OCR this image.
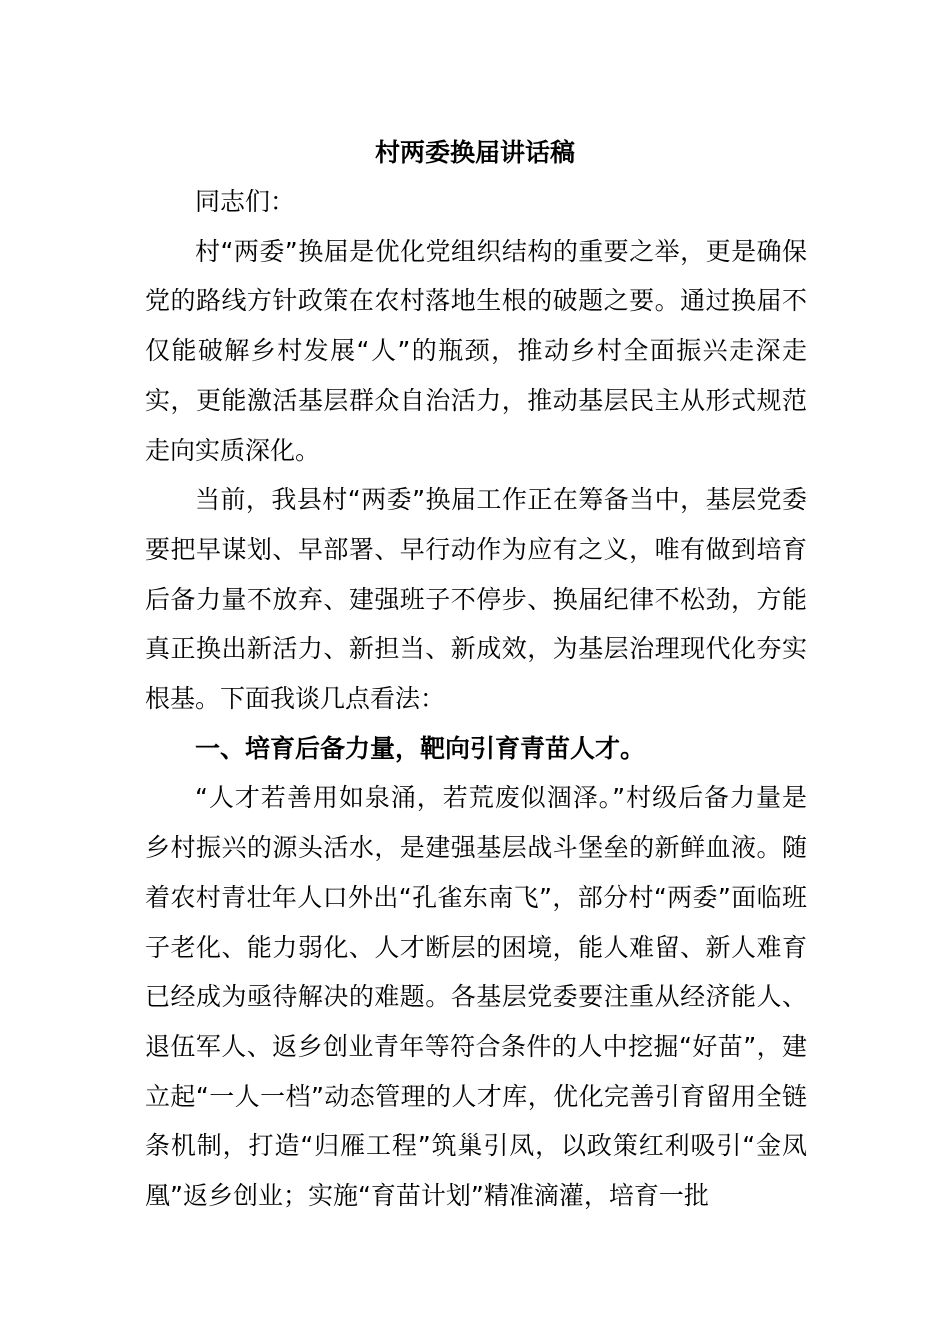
村两委换届讲话稿

同志们：

村“两委”换届是优化党组织结构的重要之举，更是确保党的路线方针政策在农村落地生根的破题之要。通过换届不仅能破解乡村发展“人”的瓶颈，推动乡村全面振兴走深走实，更能激活基层群众自治活力，推动基层民主从形式规范走向实质深化。

当前，我县村“两委”换届工作正在筹备当中，基层党委要把早谋划、早部署、早行动作为应有之义，唯有做到培育后备力量不放弃、建强班子不停步、换届纪律不松劲，方能真正换出新活力、新担当、新成效，为基层治理现代化夯实根基。下面我谈几点看法：

一、培育后备力量，靶向引育青苗人才。

“人才若善用如泉涌，若荒废似涸泽。”村级后备力量是乡村振兴的源头活水，是建强基层战斗堡垒的新鲜血液。随着农村青壮年人口外出“孔雀东南飞”，部分村“两委”面临班子老化、能力弱化、人才断层的困境，能人难留、新人难育已经成为亟待解决的难题。各基层党委要注重从经济能人、退伍军人、返乡创业青年等符合条件的人中挖掘“好苗”，建立起“一人一档”动态管理的人才库，优化完善引育留用全链条机制，打造“归雁工程”筑巢引凤，以政策红利吸引“金凤凰”返乡创业；实施“育苗计划”精准滴灌，培育一批
